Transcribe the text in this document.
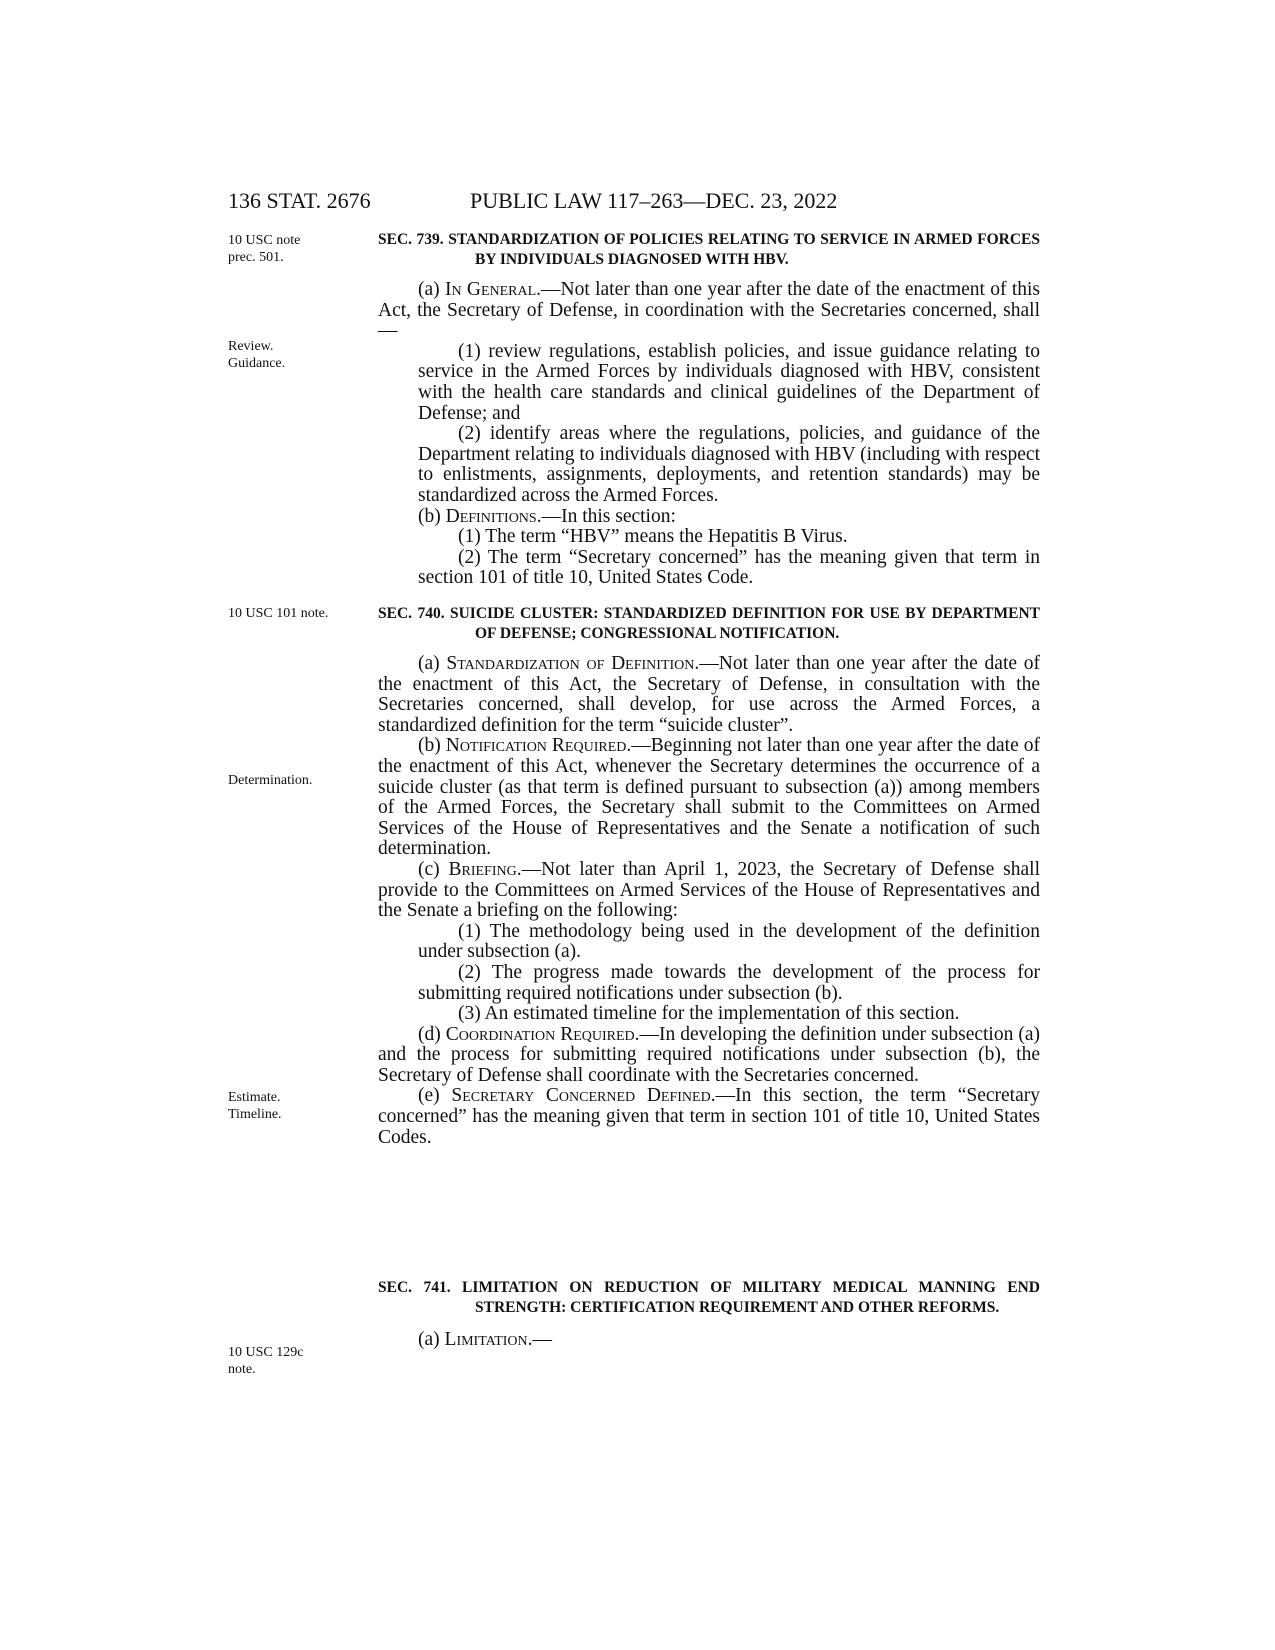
136 STAT. 2676	PUBLIC LAW 117–263—DEC. 23, 2022
10 USC note
prec. 501.
Review.
Guidance.
10 USC 101 note.
Determination.
Estimate.
Timeline.
10 USC 129c
note.
SEC. 739. STANDARDIZATION OF POLICIES RELATING TO SERVICE IN ARMED FORCES BY INDIVIDUALS DIAGNOSED WITH HBV.

(a) In General.—Not later than one year after the date of the enactment of this Act, the Secretary of Defense, in coordination with the Secretaries concerned, shall—

(1) review regulations, establish policies, and issue guidance relating to service in the Armed Forces by individuals diagnosed with HBV, consistent with the health care standards and clinical guidelines of the Department of Defense; and

(2) identify areas where the regulations, policies, and guidance of the Department relating to individuals diagnosed with HBV (including with respect to enlistments, assignments, deployments, and retention standards) may be standardized across the Armed Forces.

(b) Definitions.—In this section:

(1) The term “HBV” means the Hepatitis B Virus.

(2) The term “Secretary concerned” has the meaning given that term in section 101 of title 10, United States Code.

SEC. 740. SUICIDE CLUSTER: STANDARDIZED DEFINITION FOR USE BY DEPARTMENT OF DEFENSE; CONGRESSIONAL NOTIFICATION.

(a) Standardization of Definition.—Not later than one year after the date of the enactment of this Act, the Secretary of Defense, in consultation with the Secretaries concerned, shall develop, for use across the Armed Forces, a standardized definition for the term “suicide cluster”.

(b) Notification Required.—Beginning not later than one year after the date of the enactment of this Act, whenever the Secretary determines the occurrence of a suicide cluster (as that term is defined pursuant to subsection (a)) among members of the Armed Forces, the Secretary shall submit to the Committees on Armed Services of the House of Representatives and the Senate a notification of such determination.

(c) Briefing.—Not later than April 1, 2023, the Secretary of Defense shall provide to the Committees on Armed Services of the House of Representatives and the Senate a briefing on the following:

(1) The methodology being used in the development of the definition under subsection (a).

(2) The progress made towards the development of the process for submitting required notifications under subsection (b).

(3) An estimated timeline for the implementation of this section.

(d) Coordination Required.—In developing the definition under subsection (a) and the process for submitting required notifications under subsection (b), the Secretary of Defense shall coordinate with the Secretaries concerned.

(e) Secretary Concerned Defined.—In this section, the term “Secretary concerned” has the meaning given that term in section 101 of title 10, United States Codes.

SEC. 741. LIMITATION ON REDUCTION OF MILITARY MEDICAL MANNING END STRENGTH: CERTIFICATION REQUIREMENT AND OTHER REFORMS.

(a) Limitation.—
